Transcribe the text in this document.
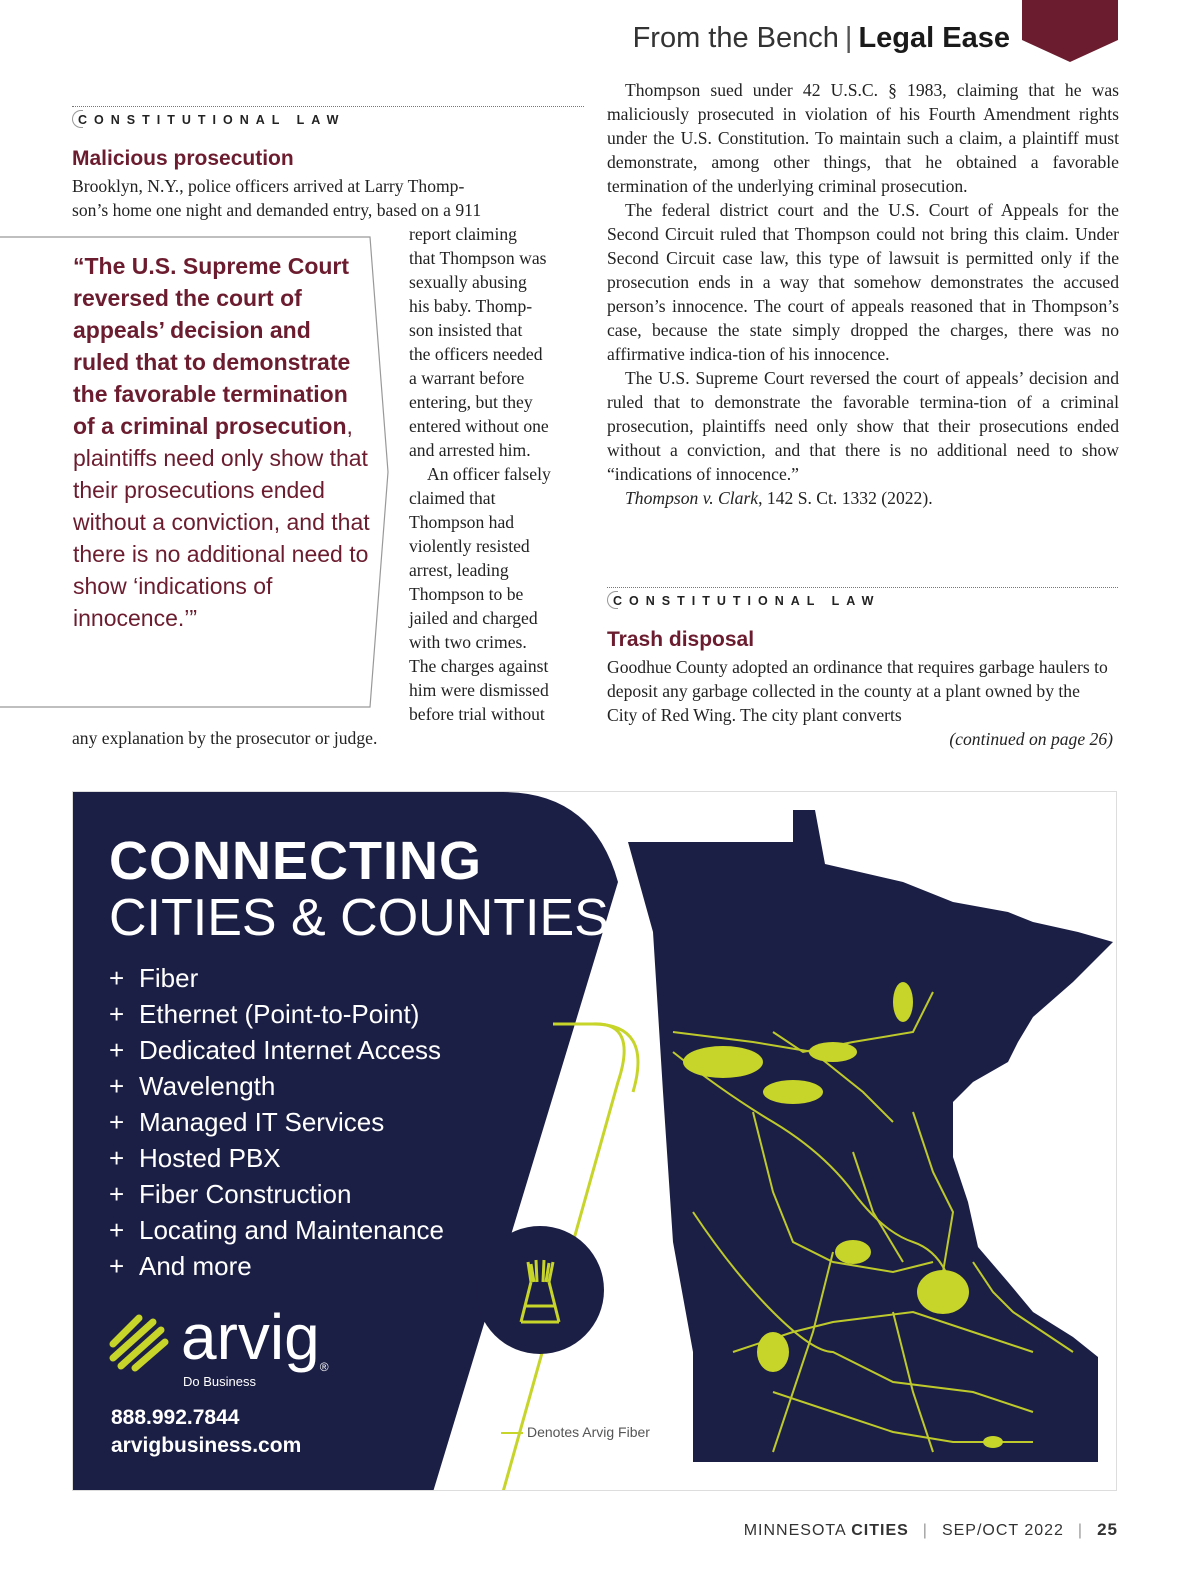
From the Bench | Legal Ease
CONSTITUTIONAL LAW
Malicious prosecution
Brooklyn, N.Y., police officers arrived at Larry Thomp-
son’s home one night and demanded entry, based on a 911
report claiming
that Thompson was
sexually abusing
his baby. Thomp-
son insisted that
the officers needed
a warrant before
entering, but they
entered without one
and arrested him.
An officer falsely
claimed that
Thompson had
violently resisted
arrest, leading
Thompson to be
jailed and charged
with two crimes.
The charges against
him were dismissed
before trial without
any explanation by the prosecutor or judge.
“The U.S. Supreme Court reversed the court of appeals’ decision and ruled that to demonstrate the favorable termination of a criminal prosecution, plaintiffs need only show that their prosecutions ended without a conviction, and that there is no additional need to show ‘indications of innocence.’”

Thompson sued under 42 U.S.C. § 1983, claiming that he was maliciously prosecuted in violation of his Fourth Amendment rights under the U.S. Constitution. To maintain such a claim, a plaintiff must demonstrate, among other things, that he obtained a favorable termination of the underlying criminal prosecution.

The federal district court and the U.S. Court of Appeals for the Second Circuit ruled that Thompson could not bring this claim. Under Second Circuit case law, this type of lawsuit is permitted only if the prosecution ends in a way that somehow demonstrates the accused person’s innocence. The court of appeals reasoned that in Thompson’s case, because the state simply dropped the charges, there was no affirmative indica-tion of his innocence.

The U.S. Supreme Court reversed the court of appeals’ decision and ruled that to demonstrate the favorable termina-tion of a criminal prosecution, plaintiffs need only show that their prosecutions ended without a conviction, and that there is no additional need to show “indications of innocence.”

Thompson v. Clark, 142 S. Ct. 1332 (2022).

CONSTITUTIONAL LAW
Trash disposal

Goodhue County adopted an ordinance that requires garbage haulers to deposit any garbage collected in the county at a plant owned by the City of Red Wing. The city plant converts

(continued on page 26)
CONNECTING
CITIES & COUNTIES
+ Fiber
+ Ethernet (Point-to-Point)
+ Dedicated Internet Access
+ Wavelength
+ Managed IT Services
+ Hosted PBX
+ Fiber Construction
+ Locating and Maintenance
+ And more
arvig®
Do Business
888.992.7844
arvigbusiness.com
Denotes Arvig Fiber
MINNESOTA CITIES | SEP/OCT 2022 | 25
